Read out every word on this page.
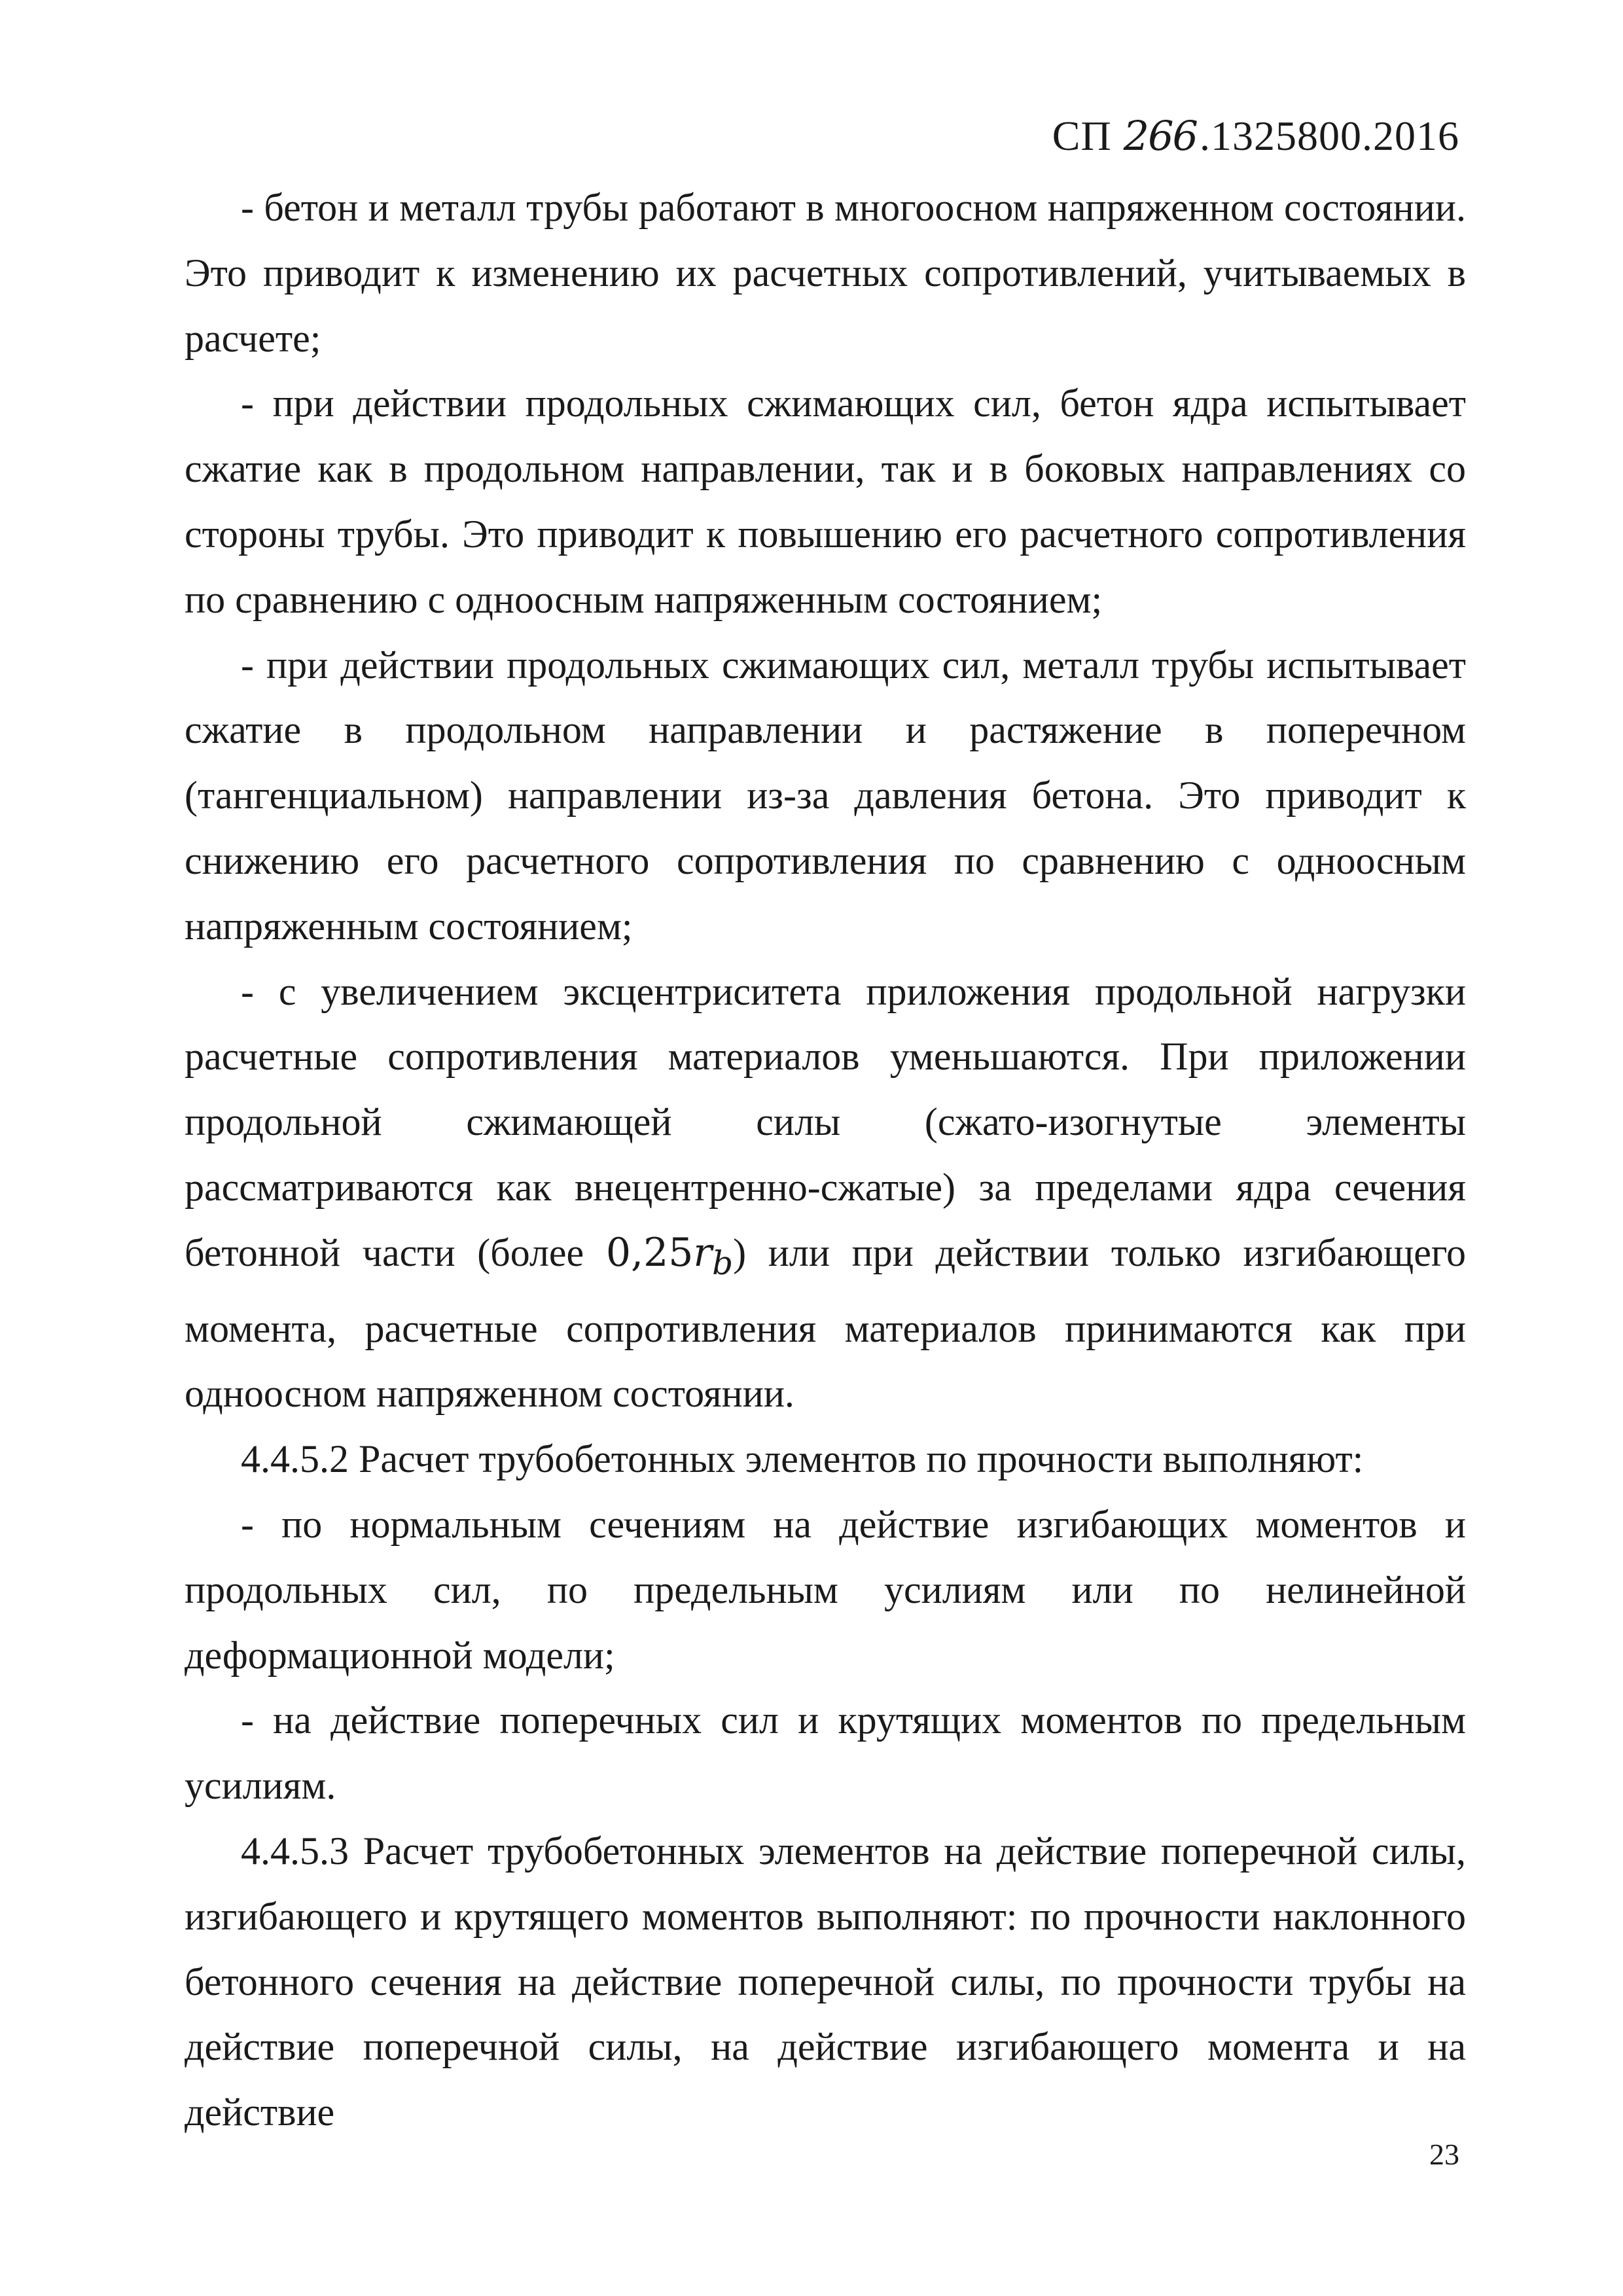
СП 266.1325800.2016

- бетон и металл трубы работают в многоосном напряженном состоянии. Это приводит к изменению их расчетных сопротивлений, учитываемых в расчете;

- при действии продольных сжимающих сил, бетон ядра испытывает сжатие как в продольном направлении, так и в боковых направлениях со стороны трубы. Это приводит к повышению его расчетного сопротивления по сравнению с одноосным напряженным состоянием;

- при действии продольных сжимающих сил, металл трубы испытывает сжатие в продольном направлении и растяжение в поперечном (тангенциальном) направлении из-за давления бетона. Это приводит к снижению его расчетного сопротивления по сравнению с одноосным напряженным состоянием;

- с увеличением эксцентриситета приложения продольной нагрузки расчетные сопротивления материалов уменьшаются. При приложении продольной сжимающей силы (сжато-изогнутые элементы рассматриваются как внецентренно-сжатые) за пределами ядра сечения бетонной части (более $0,25r_b$) или при действии только изгибающего момента, расчетные сопротивления материалов принимаются как при одноосном напряженном состоянии.

4.4.5.2 Расчет трубобетонных элементов по прочности выполняют:

- по нормальным сечениям на действие изгибающих моментов и продольных сил, по предельным усилиям или по нелинейной деформационной модели;

- на действие поперечных сил и крутящих моментов по предельным усилиям.

4.4.5.3 Расчет трубобетонных элементов на действие поперечной силы, изгибающего и крутящего моментов выполняют: по прочности наклонного бетонного сечения на действие поперечной силы, по прочности трубы на действие поперечной силы, на действие изгибающего момента и на действие

23
